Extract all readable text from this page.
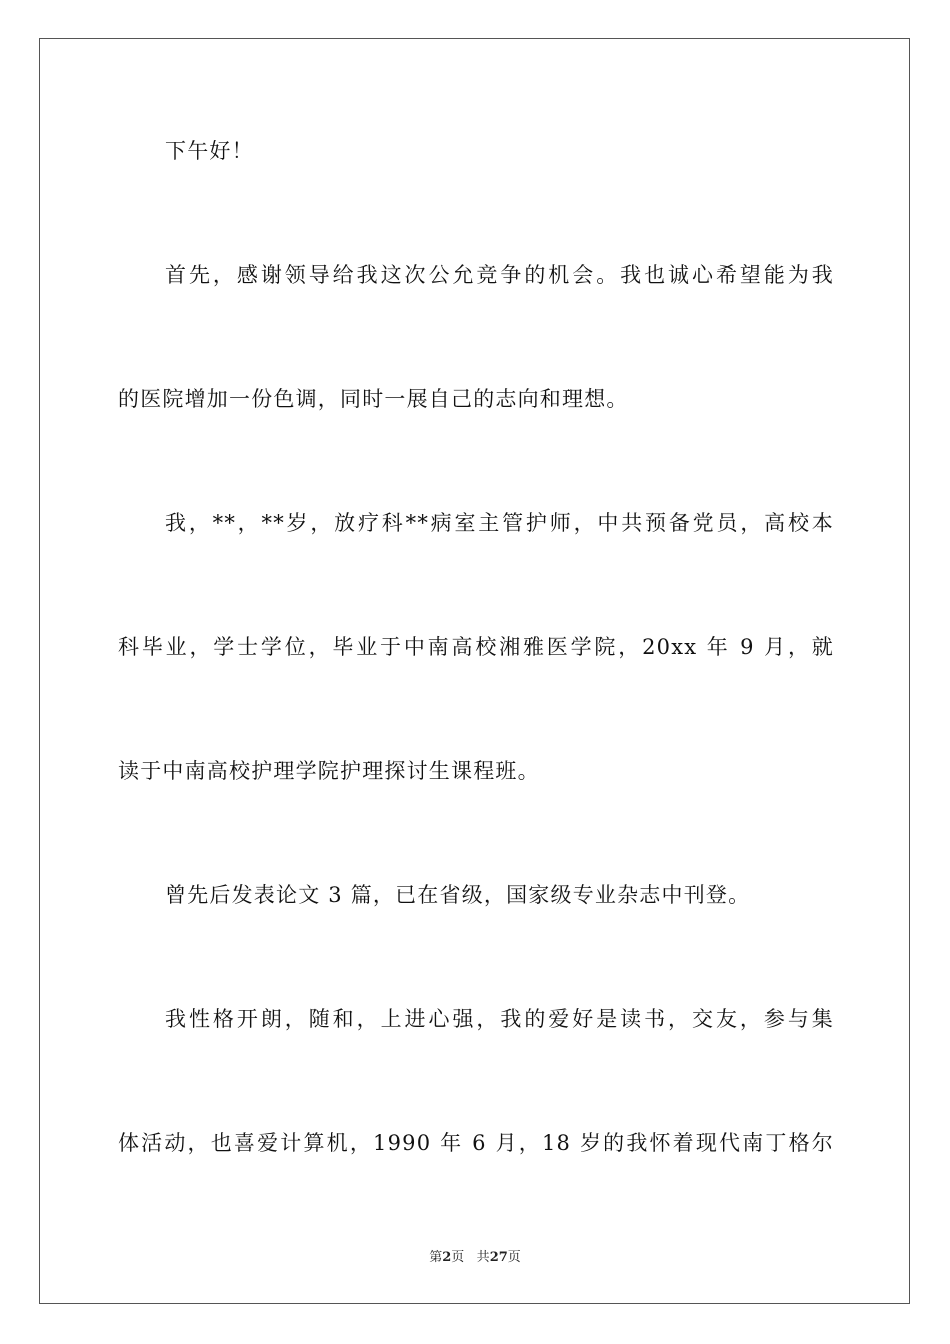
下午好！
首先，感谢领导给我这次公允竞争的机会。我也诚心希望能为我
的医院增加一份色调，同时一展自己的志向和理想。
我，**，**岁，放疗科**病室主管护师，中共预备党员，高校本
科毕业，学士学位，毕业于中南高校湘雅医学院，20xx 年 9 月，就
读于中南高校护理学院护理探讨生课程班。
曾先后发表论文 3 篇，已在省级，国家级专业杂志中刊登。
我性格开朗，随和，上进心强，我的爱好是读书，交友，参与集
体活动，也喜爱计算机，1990 年 6 月，18 岁的我怀着现代南丁格尔
第2页 共27页
